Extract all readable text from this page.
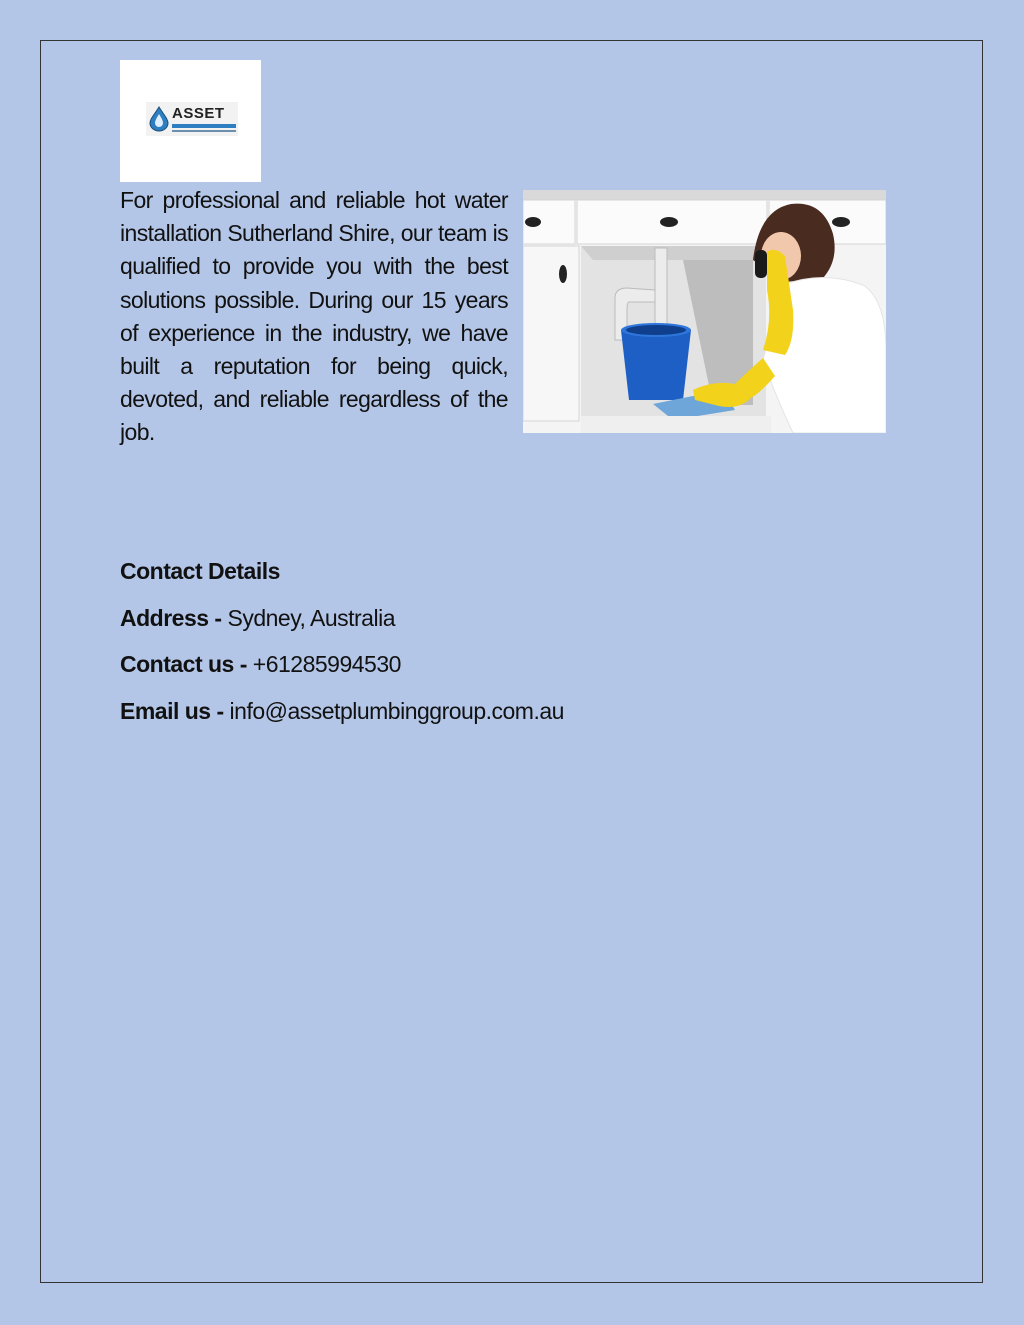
ASSET

For professional and reliable hot water installation Sutherland Shire, our team is qualified to provide you with the best solutions possible. During our 15 years of experience in the industry, we have built a reputation for being quick, devoted, and reliable regardless of the job.

Contact Details
Address - Sydney, Australia
Contact us - +61285994530
Email us - info@assetplumbinggroup.com.au
